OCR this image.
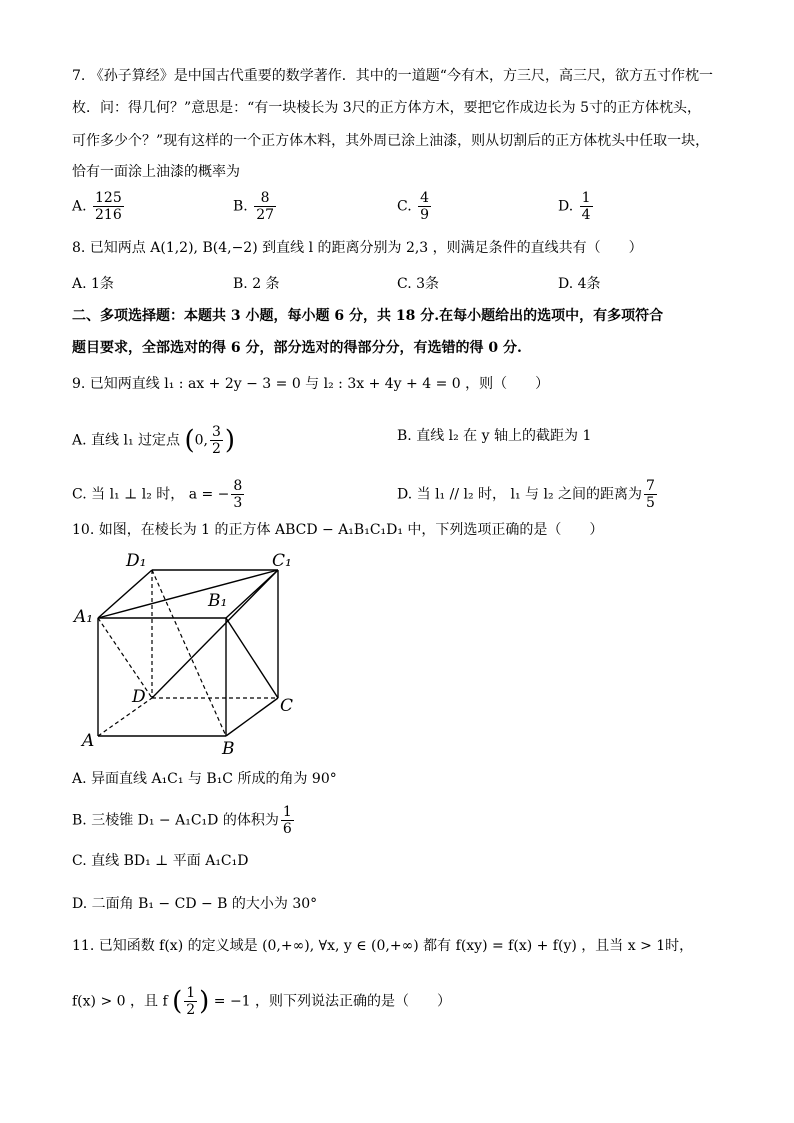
7. 《孙子算经》是中国古代重要的数学著作．其中的一道题“今有木，方三尺，高三尺，欲方五寸作枕一
枚．问：得几何？”意思是：“有一块棱长为 3尺的正方体方木，要把它作成边长为 5寸的正方体枕头，
可作多少个？”现有这样的一个正方体木料，其外周已涂上油漆，则从切割后的正方体枕头中任取一块，
恰有一面涂上油漆的概率为
A. $\frac{125}{216}$	B. $\frac{8}{27}$	C. $\frac{4}{9}$	D. $\frac{1}{4}$
8. 已知两点 A(1,2), B(4,−2) 到直线 l 的距离分别为 2,3 ，则满足条件的直线共有（　　）
A. 1条	B. 2 条	C. 3条	D. 4条
二、多项选择题：本题共 3 小题，每小题 6 分，共 18 分.在每小题给出的选项中，有多项符合
题目要求，全部选对的得 6 分，部分选对的得部分分，有选错的得 0 分.
9. 已知两直线 l₁ : ax + 2y − 3 = 0 与 l₂ : 3x + 4y + 4 = 0 ，则（　　）
A. 直线 l₁ 过定点 (0, $\frac{3}{2}$ )	B. 直线 l₂ 在 y 轴上的截距为 1
C. 当 l₁ ⊥ l₂ 时， a = − $\frac{8}{3}$	D. 当 l₁ // l₂ 时， l₁ 与 l₂ 之间的距离为 $\frac{7}{5}$
10. 如图，在棱长为 1 的正方体 ABCD − A₁B₁C₁D₁ 中，下列选项正确的是（　　）
D₁	C₁
A₁
B₁
D	C
A	B
A. 异面直线 A₁C₁ 与 B₁C 所成的角为 90°
B. 三棱锥 D₁ − A₁C₁D 的体积为 $\frac{1}{6}$
C. 直线 BD₁ ⊥ 平面 A₁C₁D
D. 二面角 B₁ − CD − B 的大小为 30°
11. 已知函数 f(x) 的定义域是 (0,+∞), ∀x, y ∈ (0,+∞) 都有 f(xy) = f(x) + f(y) ，且当 x > 1时，
f(x) > 0 ，且 f ( $\frac{1}{2}$ ) = −1 ，则下列说法正确的是（　　）
